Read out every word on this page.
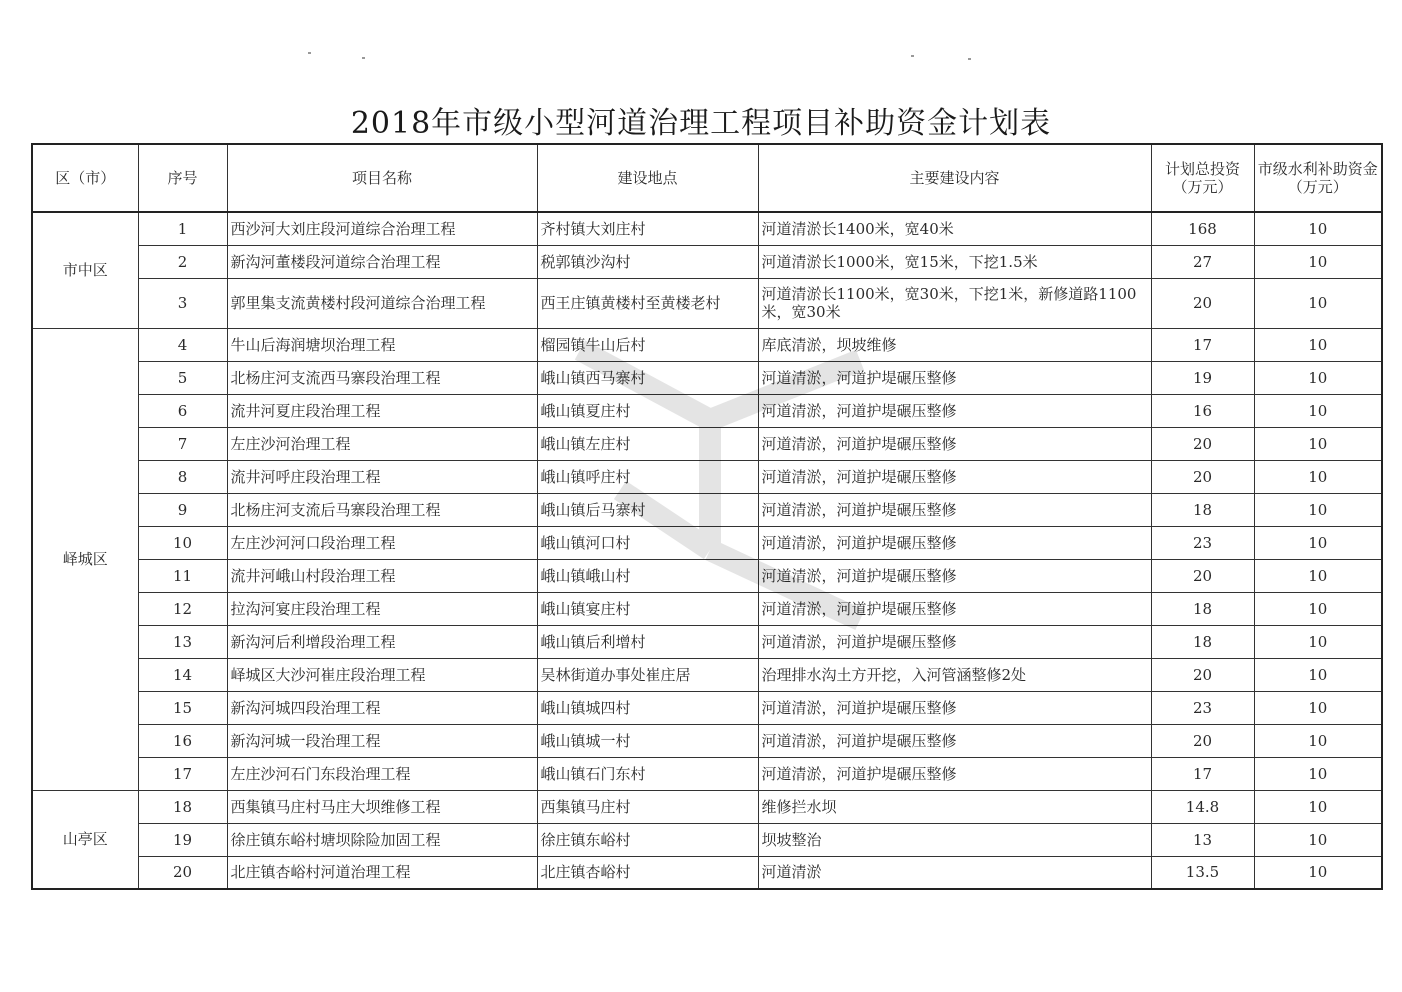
2018年市级小型河道治理工程项目补助资金计划表
区（市）	序号	项目名称	建设地点	主要建设内容	计划总投资（万元）	市级水利补助资金（万元）
市中区	1	西沙河大刘庄段河道综合治理工程	齐村镇大刘庄村	河道清淤长1400米，宽40米	168	10
	2	新沟河董楼段河道综合治理工程	税郭镇沙沟村	河道清淤长1000米，宽15米，下挖1.5米	27	10
	3	郭里集支流黄楼村段河道综合治理工程	西王庄镇黄楼村至黄楼老村	河道清淤长1100米，宽30米，下挖1米，新修道路1100米，宽30米	20	10
峄城区	4	牛山后海润塘坝治理工程	榴园镇牛山后村	库底清淤，坝坡维修	17	10
	5	北杨庄河支流西马寨段治理工程	峨山镇西马寨村	河道清淤，河道护堤碾压整修	19	10
	6	流井河夏庄段治理工程	峨山镇夏庄村	河道清淤，河道护堤碾压整修	16	10
	7	左庄沙河治理工程	峨山镇左庄村	河道清淤，河道护堤碾压整修	20	10
	8	流井河呼庄段治理工程	峨山镇呼庄村	河道清淤，河道护堤碾压整修	20	10
	9	北杨庄河支流后马寨段治理工程	峨山镇后马寨村	河道清淤，河道护堤碾压整修	18	10
	10	左庄沙河河口段治理工程	峨山镇河口村	河道清淤，河道护堤碾压整修	23	10
	11	流井河峨山村段治理工程	峨山镇峨山村	河道清淤，河道护堤碾压整修	20	10
	12	拉沟河宴庄段治理工程	峨山镇宴庄村	河道清淤，河道护堤碾压整修	18	10
	13	新沟河后利增段治理工程	峨山镇后利增村	河道清淤，河道护堤碾压整修	18	10
	14	峄城区大沙河崔庄段治理工程	吴林街道办事处崔庄居	治理排水沟土方开挖，入河管涵整修2处	20	10
	15	新沟河城四段治理工程	峨山镇城四村	河道清淤，河道护堤碾压整修	23	10
	16	新沟河城一段治理工程	峨山镇城一村	河道清淤，河道护堤碾压整修	20	10
	17	左庄沙河石门东段治理工程	峨山镇石门东村	河道清淤，河道护堤碾压整修	17	10
山亭区	18	西集镇马庄村马庄大坝维修工程	西集镇马庄村	维修拦水坝	14.8	10
	19	徐庄镇东峪村塘坝除险加固工程	徐庄镇东峪村	坝坡整治	13	10
	20	北庄镇杏峪村河道治理工程	北庄镇杏峪村	河道清淤	13.5	10
